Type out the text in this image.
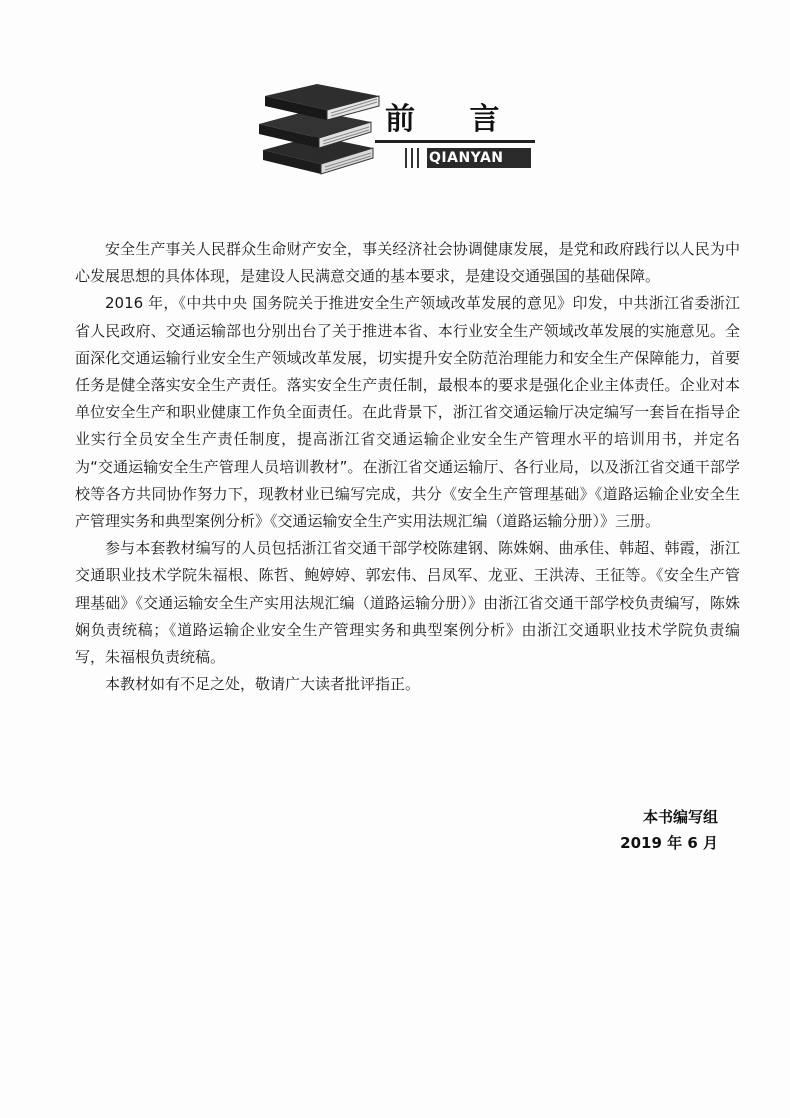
前 言
QIANYAN

安全生产事关人民群众生命财产安全，事关经济社会协调健康发展，是党和政府践行以人民为中心发展思想的具体体现，是建设人民满意交通的基本要求，是建设交通强国的基础保障。

2016 年，《中共中央 国务院关于推进安全生产领域改革发展的意见》印发，中共浙江省委浙江省人民政府、交通运输部也分别出台了关于推进本省、本行业安全生产领域改革发展的实施意见。全面深化交通运输行业安全生产领域改革发展，切实提升安全防范治理能力和安全生产保障能力，首要任务是健全落实安全生产责任。落实安全生产责任制，最根本的要求是强化企业主体责任。企业对本单位安全生产和职业健康工作负全面责任。在此背景下，浙江省交通运输厅决定编写一套旨在指导企业实行全员安全生产责任制度，提高浙江省交通运输企业安全生产管理水平的培训用书，并定名为“交通运输安全生产管理人员培训教材”。在浙江省交通运输厅、各行业局，以及浙江省交通干部学校等各方共同协作努力下，现教材业已编写完成，共分《安全生产管理基础》《道路运输企业安全生产管理实务和典型案例分析》《交通运输安全生产实用法规汇编（道路运输分册）》三册。

参与本套教材编写的人员包括浙江省交通干部学校陈建钢、陈姝娴、曲承佳、韩超、韩霞，浙江交通职业技术学院朱福根、陈哲、鲍婷婷、郭宏伟、吕凤军、龙亚、王洪涛、王征等。《安全生产管理基础》《交通运输安全生产实用法规汇编（道路运输分册）》由浙江省交通干部学校负责编写，陈姝娴负责统稿；《道路运输企业安全生产管理实务和典型案例分析》由浙江交通职业技术学院负责编写，朱福根负责统稿。

本教材如有不足之处，敬请广大读者批评指正。

本书编写组
2019 年 6 月
